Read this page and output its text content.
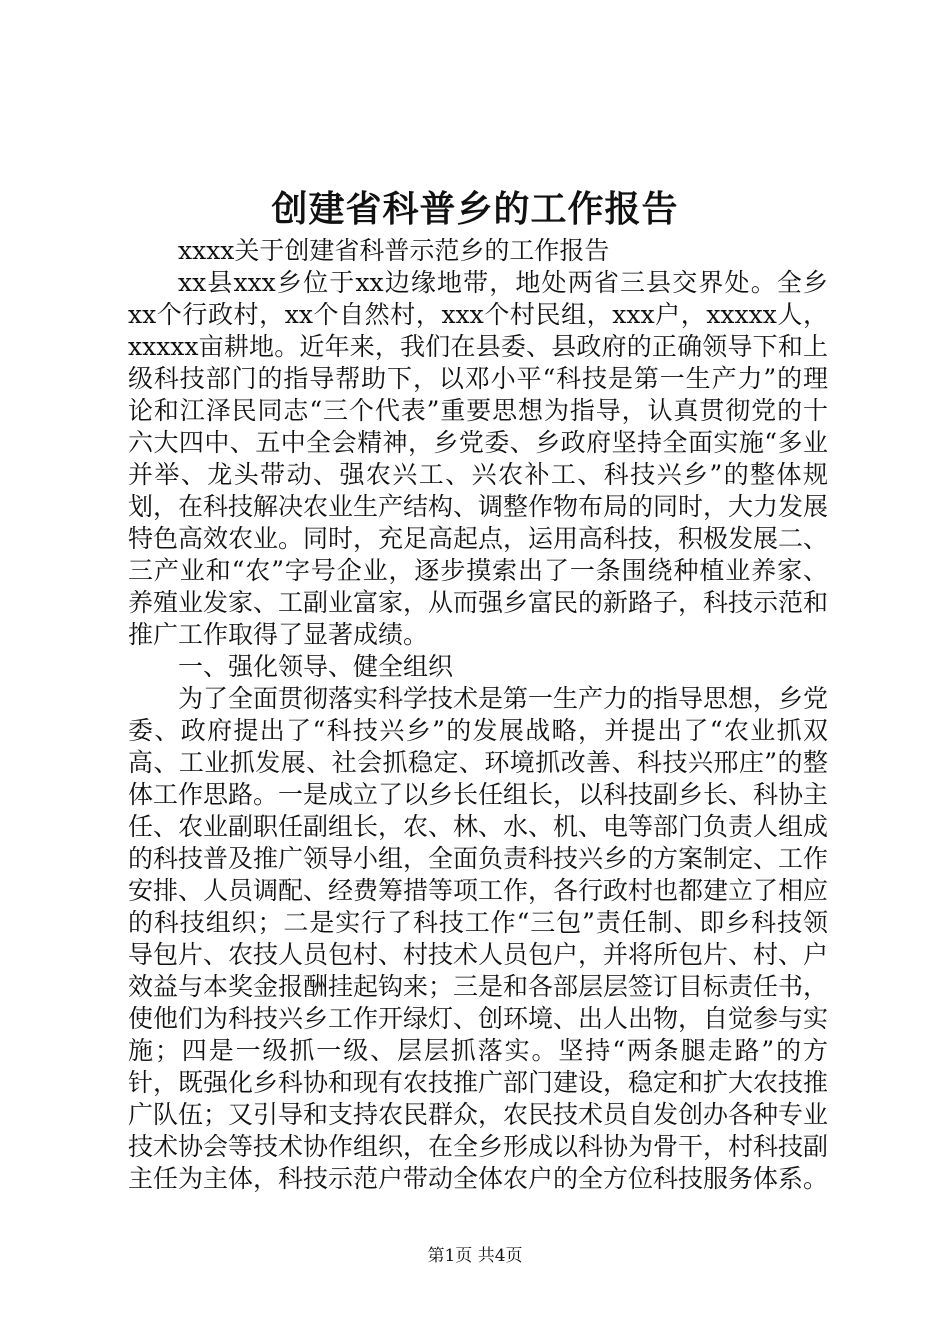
创建省科普乡的工作报告

xxxx关于创建省科普示范乡的工作报告

xx县xxx乡位于xx边缘地带，地处两省三县交界处。全乡xx个行政村，xx个自然村，xxx个村民组，xxx户，xxxxx人，xxxxx亩耕地。近年来，我们在县委、县政府的正确领导下和上级科技部门的指导帮助下，以邓小平“科技是第一生产力”的理论和江泽民同志“三个代表”重要思想为指导，认真贯彻党的十六大四中、五中全会精神，乡党委、乡政府坚持全面实施“多业并举、龙头带动、强农兴工、兴农补工、科技兴乡”的整体规划，在科技解决农业生产结构、调整作物布局的同时，大力发展特色高效农业。同时，充足高起点，运用高科技，积极发展二、三产业和“农”字号企业，逐步摸索出了一条围绕种植业养家、养殖业发家、工副业富家，从而强乡富民的新路子，科技示范和推广工作取得了显著成绩。

一、强化领导、健全组织

为了全面贯彻落实科学技术是第一生产力的指导思想，乡党委、政府提出了“科技兴乡”的发展战略，并提出了“农业抓双高、工业抓发展、社会抓稳定、环境抓改善、科技兴邢庄”的整体工作思路。一是成立了以乡长任组长，以科技副乡长、科协主任、农业副职任副组长，农、林、水、机、电等部门负责人组成的科技普及推广领导小组，全面负责科技兴乡的方案制定、工作安排、人员调配、经费筹措等项工作，各行政村也都建立了相应的科技组织；二是实行了科技工作“三包”责任制、即乡科技领导包片、农技人员包村、村技术人员包户，并将所包片、村、户效益与本奖金报酬挂起钩来；三是和各部层层签订目标责任书，使他们为科技兴乡工作开绿灯、创环境、出人出物，自觉参与实施；四是一级抓一级、层层抓落实。坚持“两条腿走路”的方针，既强化乡科协和现有农技推广部门建设，稳定和扩大农技推广队伍；又引导和支持农民群众，农民技术员自发创办各种专业技术协会等技术协作组织，在全乡形成以科协为骨干，村科技副主任为主体，科技示范户带动全体农户的全方位科技服务体系。

第1页 共4页
